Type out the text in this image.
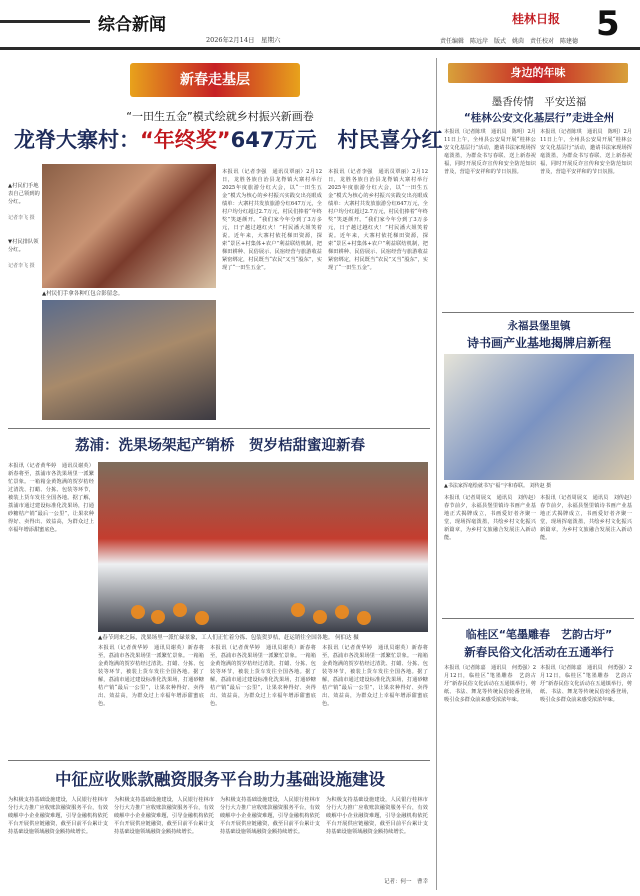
综合新闻
2026年2月14日　星期六
桂林日报 5
责任编辑　陈远岸　版式　姚茵　责任校对　陈建德
新春走基层
“一田生五金”模式绘就乡村振兴新画卷
龙脊大寨村：“年终奖”647万元　村民喜分红
▲村民们手拿各种红包合影留念。
▲村民们手地表自己领到的分红。
记者李飞 摄
▼村民排队领分红。
记者李飞 摄
本报讯（记者李强　通讯员覃丽）2月12日，龙胜各族自治县龙脊镇大寨村举行2025年度旅游分红大会，以“一田生五金”模式为核心的乡村振兴实践交出亮眼成绩单：大寨村共发放旅游分红647万元，全村户均分红超过2.7万元，村民们捧着“年终奖”笑逐颜开。“我们家今年分到了3万多元，日子越过越红火！”村民潘大姐笑着说。近年来，大寨村依托梯田资源，探索“景区+村集体+农户”利益联结机制，把梯田耕种、民俗展示、民宿经营与旅游收益紧密绑定，村民既当“农民”又当“股东”，实现了“一田生五金”。
本报讯（记者李强　通讯员覃丽）2月12日，龙胜各族自治县龙脊镇大寨村举行2025年度旅游分红大会，以“一田生五金”模式为核心的乡村振兴实践交出亮眼成绩单：大寨村共发放旅游分红647万元，全村户均分红超过2.7万元，村民们捧着“年终奖”笑逐颜开。“我们家今年分到了3万多元，日子越过越红火！”村民潘大姐笑着说。近年来，大寨村依托梯田资源，探索“景区+村集体+农户”利益联结机制，把梯田耕种、民俗展示、民宿经营与旅游收益紧密绑定，村民既当“农民”又当“股东”，实现了“一田生五金”。
荔浦：洗果场架起产销桥　贺岁桔甜蜜迎新春
本报讯（记者黄华婷　通讯员谢英）新春将至，荔浦市各洗果场里一派繁忙景象。一箱箱金黄饱满的贺岁桔经过清洗、打蜡、分拣、包装等环节，被装上货车发往全国各地。据了解，荔浦市通过建设标准化洗果场，打通砂糖桔产销“最后一公里”，让果农种得好、卖得出、效益高，为群众过上幸福年增添甜蜜底色。
▲春节到来之际，洗果场里一派忙碌景象，工人们正忙着分拣、包装贺岁桔，赶运销往全国各地。 何伯达 摄
本报讯（记者黄华婷　通讯员谢英）新春将至，荔浦市各洗果场里一派繁忙景象。一箱箱金黄饱满的贺岁桔经过清洗、打蜡、分拣、包装等环节，被装上货车发往全国各地。据了解，荔浦市通过建设标准化洗果场，打通砂糖桔产销“最后一公里”，让果农种得好、卖得出、效益高，为群众过上幸福年增添甜蜜底色。
本报讯（记者黄华婷　通讯员谢英）新春将至，荔浦市各洗果场里一派繁忙景象。一箱箱金黄饱满的贺岁桔经过清洗、打蜡、分拣、包装等环节，被装上货车发往全国各地。据了解，荔浦市通过建设标准化洗果场，打通砂糖桔产销“最后一公里”，让果农种得好、卖得出、效益高，为群众过上幸福年增添甜蜜底色。
本报讯（记者黄华婷　通讯员谢英）新春将至，荔浦市各洗果场里一派繁忙景象。一箱箱金黄饱满的贺岁桔经过清洗、打蜡、分拣、包装等环节，被装上货车发往全国各地。据了解，荔浦市通过建设标准化洗果场，打通砂糖桔产销“最后一公里”，让果农种得好、卖得出、效益高，为群众过上幸福年增添甜蜜底色。
中征应收账款融资服务平台助力基础设施建设
为积极支持基础设施建设，人民银行桂林市分行大力推广应收账款融资服务平台，有效破解中小企业融资难题，引导金融机构依托平台开展供应链融资，截至目前平台累计支持基础设施领域融资金额持续增长。
为积极支持基础设施建设，人民银行桂林市分行大力推广应收账款融资服务平台，有效破解中小企业融资难题，引导金融机构依托平台开展供应链融资，截至目前平台累计支持基础设施领域融资金额持续增长。
为积极支持基础设施建设，人民银行桂林市分行大力推广应收账款融资服务平台，有效破解中小企业融资难题，引导金融机构依托平台开展供应链融资，截至目前平台累计支持基础设施领域融资金额持续增长。
为积极支持基础设施建设，人民银行桂林市分行大力推广应收账款融资服务平台，有效破解中小企业融资难题，引导金融机构依托平台开展供应链融资，截至目前平台累计支持基础设施领域融资金额持续增长。
记者：何一　曹幸
身边的年味
墨香传情　平安送福
“桂林公安文化基层行”走进全州
本报讯（记者陈琪　通讯员　陈明）2月11日上午，全州县公安局开展“桂林公安文化基层行”活动，邀请书法家现场挥毫泼墨，为群众书写春联、送上新春祝福，同时开展反诈宣传和安全防范知识普及，营造平安祥和的节日氛围。
本报讯（记者陈琪　通讯员　陈明）2月11日上午，全州县公安局开展“桂林公安文化基层行”活动，邀请书法家现场挥毫泼墨，为群众书写春联、送上新春祝福，同时开展反诈宣传和安全防范知识普及，营造平安祥和的节日氛围。
永福县堡里镇
诗书画产业基地揭牌启新程
▲书法家挥毫绘就书写“福”字和春联。 刘传赵 摄
本报讯（记者周展义　通讯员　刘传赵）春节前夕，永福县堡里镇诗书画产业基地正式揭牌成立，书画爱好者齐聚一堂，现场挥毫泼墨，共绘乡村文化振兴新篇章，为乡村文旅融合发展注入新动能。
本报讯（记者周展义　通讯员　刘传赵）春节前夕，永福县堡里镇诗书画产业基地正式揭牌成立，书画爱好者齐聚一堂，现场挥毫泼墨，共绘乡村文化振兴新篇章，为乡村文旅融合发展注入新动能。
临桂区“笔墨雕春　艺韵古圩”
新春民俗文化活动在五通举行
本报讯（记者陈嘉　通讯员　何勇强）2月12日，临桂区“笔墨雕春　艺韵古圩”新春民俗文化活动在五通镇举行，剪纸、书法、舞龙等传统民俗轮番登场，吸引众多群众前来感受浓浓年味。
本报讯（记者陈嘉　通讯员　何勇强）2月12日，临桂区“笔墨雕春　艺韵古圩”新春民俗文化活动在五通镇举行，剪纸、书法、舞龙等传统民俗轮番登场，吸引众多群众前来感受浓浓年味。
